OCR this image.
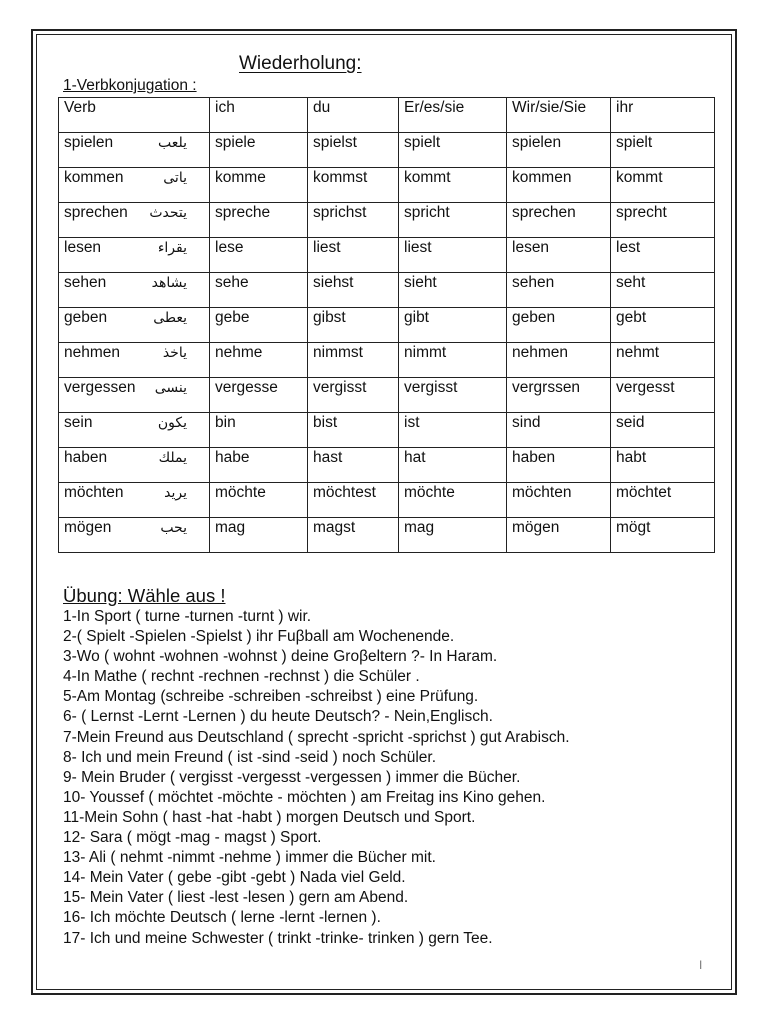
Wiederholung:
1-Verbkonjugation :
Verb	ich	du	Er/es/sie	Wir/sie/Sie	ihr
spielen يلعب	spiele	spielst	spielt	spielen	spielt
kommen ياتى	komme	kommst	kommt	kommen	kommt
sprechen يتحدث	spreche	sprichst	spricht	sprechen	sprecht
lesen يقراء	lese	liest	liest	lesen	lest
sehen يشاهد	sehe	siehst	sieht	sehen	seht
geben يعطى	gebe	gibst	gibt	geben	gebt
nehmen ياخذ	nehme	nimmst	nimmt	nehmen	nehmt
vergessen ينسى	vergesse	vergisst	vergisst	vergrssen	vergesst
sein يكون	bin	bist	ist	sind	seid
haben يملك	habe	hast	hat	haben	habt
möchten يريد	möchte	möchtest	möchte	möchten	möchtet
mögen يحب	mag	magst	mag	mögen	mögt
Übung: Wähle aus !
1-In Sport ( turne -turnen -turnt ) wir.
2-( Spielt -Spielen -Spielst ) ihr Fuβball am Wochenende.
3-Wo ( wohnt -wohnen -wohnst ) deine Groβeltern ?- In Haram.
4-In Mathe ( rechnt -rechnen -rechnst ) die Schüler .
5-Am Montag (schreibe -schreiben -schreibst ) eine Prüfung.
6- ( Lernst -Lernt -Lernen ) du heute Deutsch? - Nein,Englisch.
7-Mein Freund aus Deutschland ( sprecht -spricht -sprichst ) gut Arabisch.
8- Ich und mein Freund ( ist -sind -seid ) noch Schüler.
9- Mein Bruder ( vergisst -vergesst -vergessen ) immer die Bücher.
10- Youssef ( möchtet -möchte - möchten ) am Freitag ins Kino gehen.
11-Mein Sohn ( hast -hat -habt ) morgen Deutsch und Sport.
12- Sara ( mögt -mag - magst ) Sport.
13- Ali ( nehmt -nimmt -nehme ) immer die Bücher mit.
14- Mein Vater ( gebe -gibt -gebt ) Nada viel Geld.
15- Mein Vater ( liest -lest -lesen ) gern am Abend.
16- Ich möchte Deutsch ( lerne -lernt -lernen ).
17- Ich und meine Schwester ( trinkt -trinke- trinken ) gern Tee.
I
